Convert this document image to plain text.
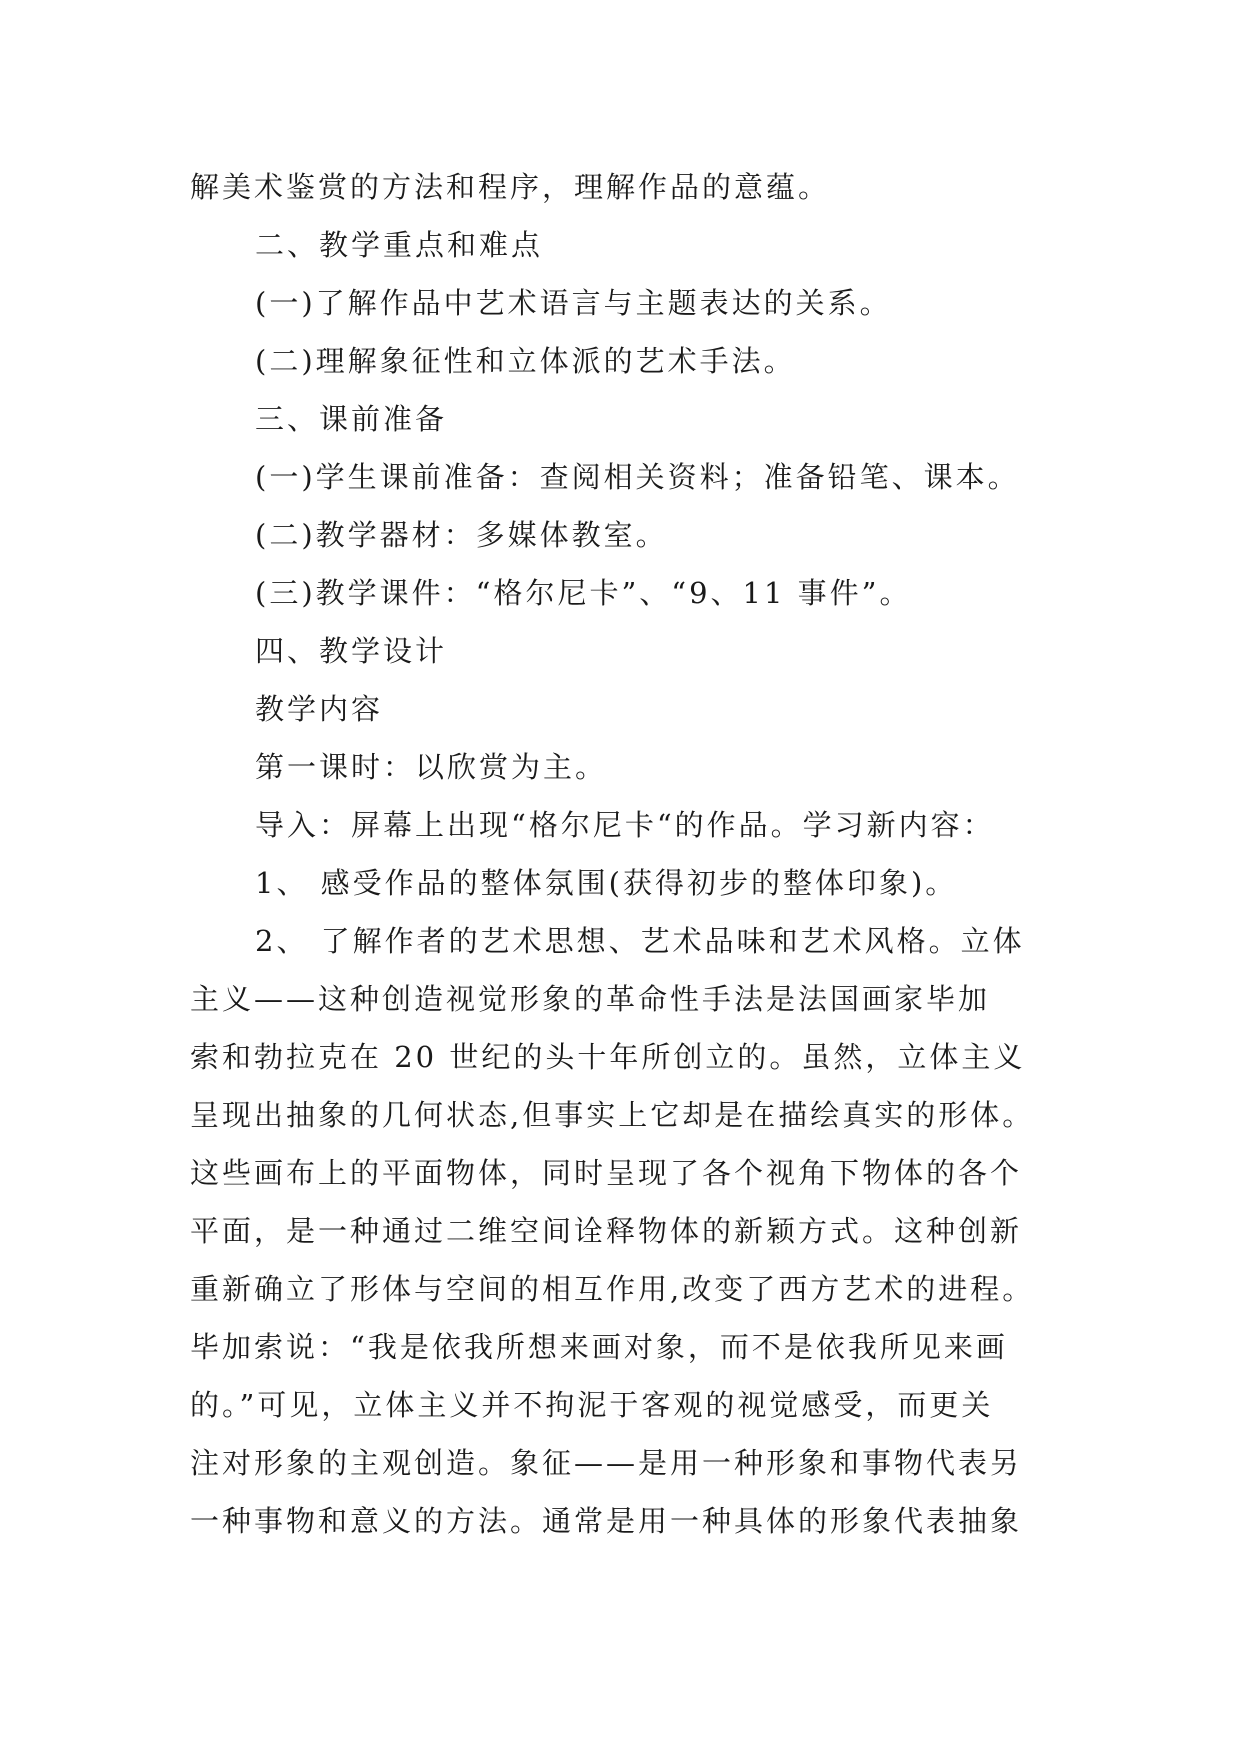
解美术鉴赏的方法和程序，理解作品的意蕴。
二、教学重点和难点
(一)了解作品中艺术语言与主题表达的关系。
(二)理解象征性和立体派的艺术手法。
三、课前准备
(一)学生课前准备：查阅相关资料；准备铅笔、课本。
(二)教学器材：多媒体教室。
(三)教学课件：“格尔尼卡”、“9、11 事件”。
四、教学设计
教学内容
第一课时：以欣赏为主。
导入：屏幕上出现“格尔尼卡“的作品。学习新内容：
1、 感受作品的整体氛围(获得初步的整体印象)。
2、 了解作者的艺术思想、艺术品味和艺术风格。立体
主义——这种创造视觉形象的革命性手法是法国画家毕加
索和勃拉克在 20 世纪的头十年所创立的。虽然，立体主义
呈现出抽象的几何状态,但事实上它却是在描绘真实的形体。
这些画布上的平面物体，同时呈现了各个视角下物体的各个
平面，是一种通过二维空间诠释物体的新颖方式。这种创新
重新确立了形体与空间的相互作用,改变了西方艺术的进程。
毕加索说：“我是依我所想来画对象，而不是依我所见来画
的。”可见，立体主义并不拘泥于客观的视觉感受，而更关
注对形象的主观创造。象征——是用一种形象和事物代表另
一种事物和意义的方法。通常是用一种具体的形象代表抽象
